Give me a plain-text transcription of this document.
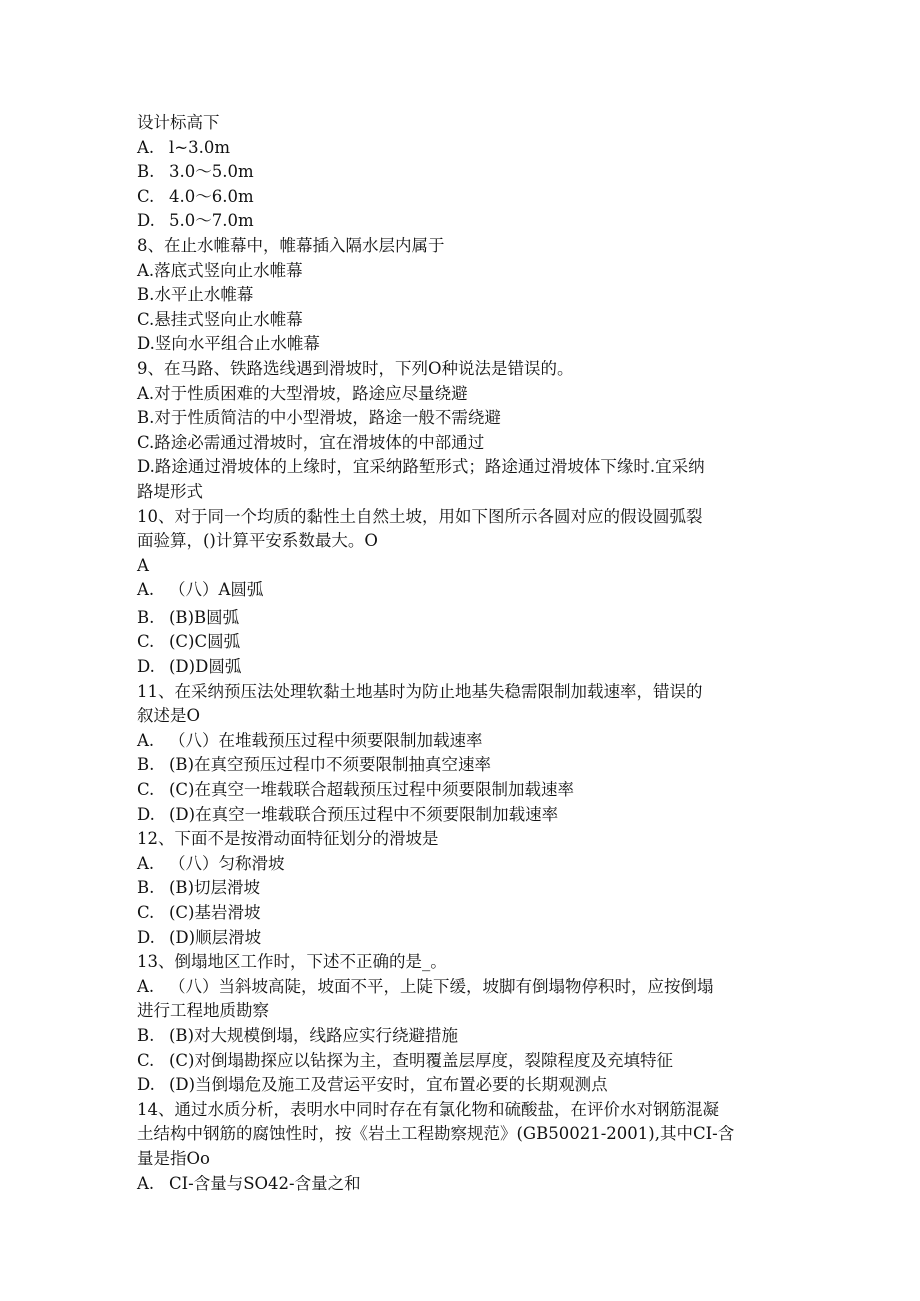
设计标高下
A. l~3.0m
B. 3.0～5.0m
C. 4.0～6.0m
D. 5.0～7.0m
8、在止水帷幕中，帷幕插入隔水层内属于
A.落底式竖向止水帷幕
B.水平止水帷幕
C.悬挂式竖向止水帷幕
D.竖向水平组合止水帷幕
9、在马路、铁路选线遇到滑坡时，下列O种说法是错误的。
A.对于性质困难的大型滑坡，路途应尽量绕避
B.对于性质简洁的中小型滑坡，路途一般不需绕避
C.路途必需通过滑坡时，宜在滑坡体的中部通过
D.路途通过滑坡体的上缘时，宜采纳路堑形式；路途通过滑坡体下缘时.宜采纳
路堤形式
10、对于同一个均质的黏性土自然土坡，用如下图所示各圆对应的假设圆弧裂
面验算，()计算平安系数最大。O
A
A. （八）A圆弧
B. (B)B圆弧
C. (C)C圆弧
D. (D)D圆弧
11、在采纳预压法处理软黏土地基时为防止地基失稳需限制加载速率，错误的
叙述是O
A. （八）在堆载预压过程中须要限制加载速率
B. (B)在真空预压过程巾不须要限制抽真空速率
C. (C)在真空一堆载联合超载预压过程中须要限制加载速率
D. (D)在真空一堆载联合预压过程中不须要限制加载速率
12、下面不是按滑动面特征划分的滑坡是
A. （八）匀称滑坡
B. (B)切层滑坡
C. (C)基岩滑坡
D. (D)顺层滑坡
13、倒塌地区工作时，下述不正确的是_。
A. （八）当斜坡高陡，坡面不平，上陡下缓，坡脚有倒塌物停积时，应按倒塌
进行工程地质勘察
B. (B)对大规模倒塌，线路应实行绕避措施
C. (C)对倒塌勘探应以钻探为主，查明覆盖层厚度，裂隙程度及充填特征
D. (D)当倒塌危及施工及营运平安时，宜布置必要的长期观测点
14、通过水质分析，表明水中同时存在有氯化物和硫酸盐，在评价水对钢筋混凝
土结构中钢筋的腐蚀性时，按《岩土工程勘察规范》(GB50021-2001),其中CI-含
量是指Oo
A. CI-含量与SO42-含量之和
